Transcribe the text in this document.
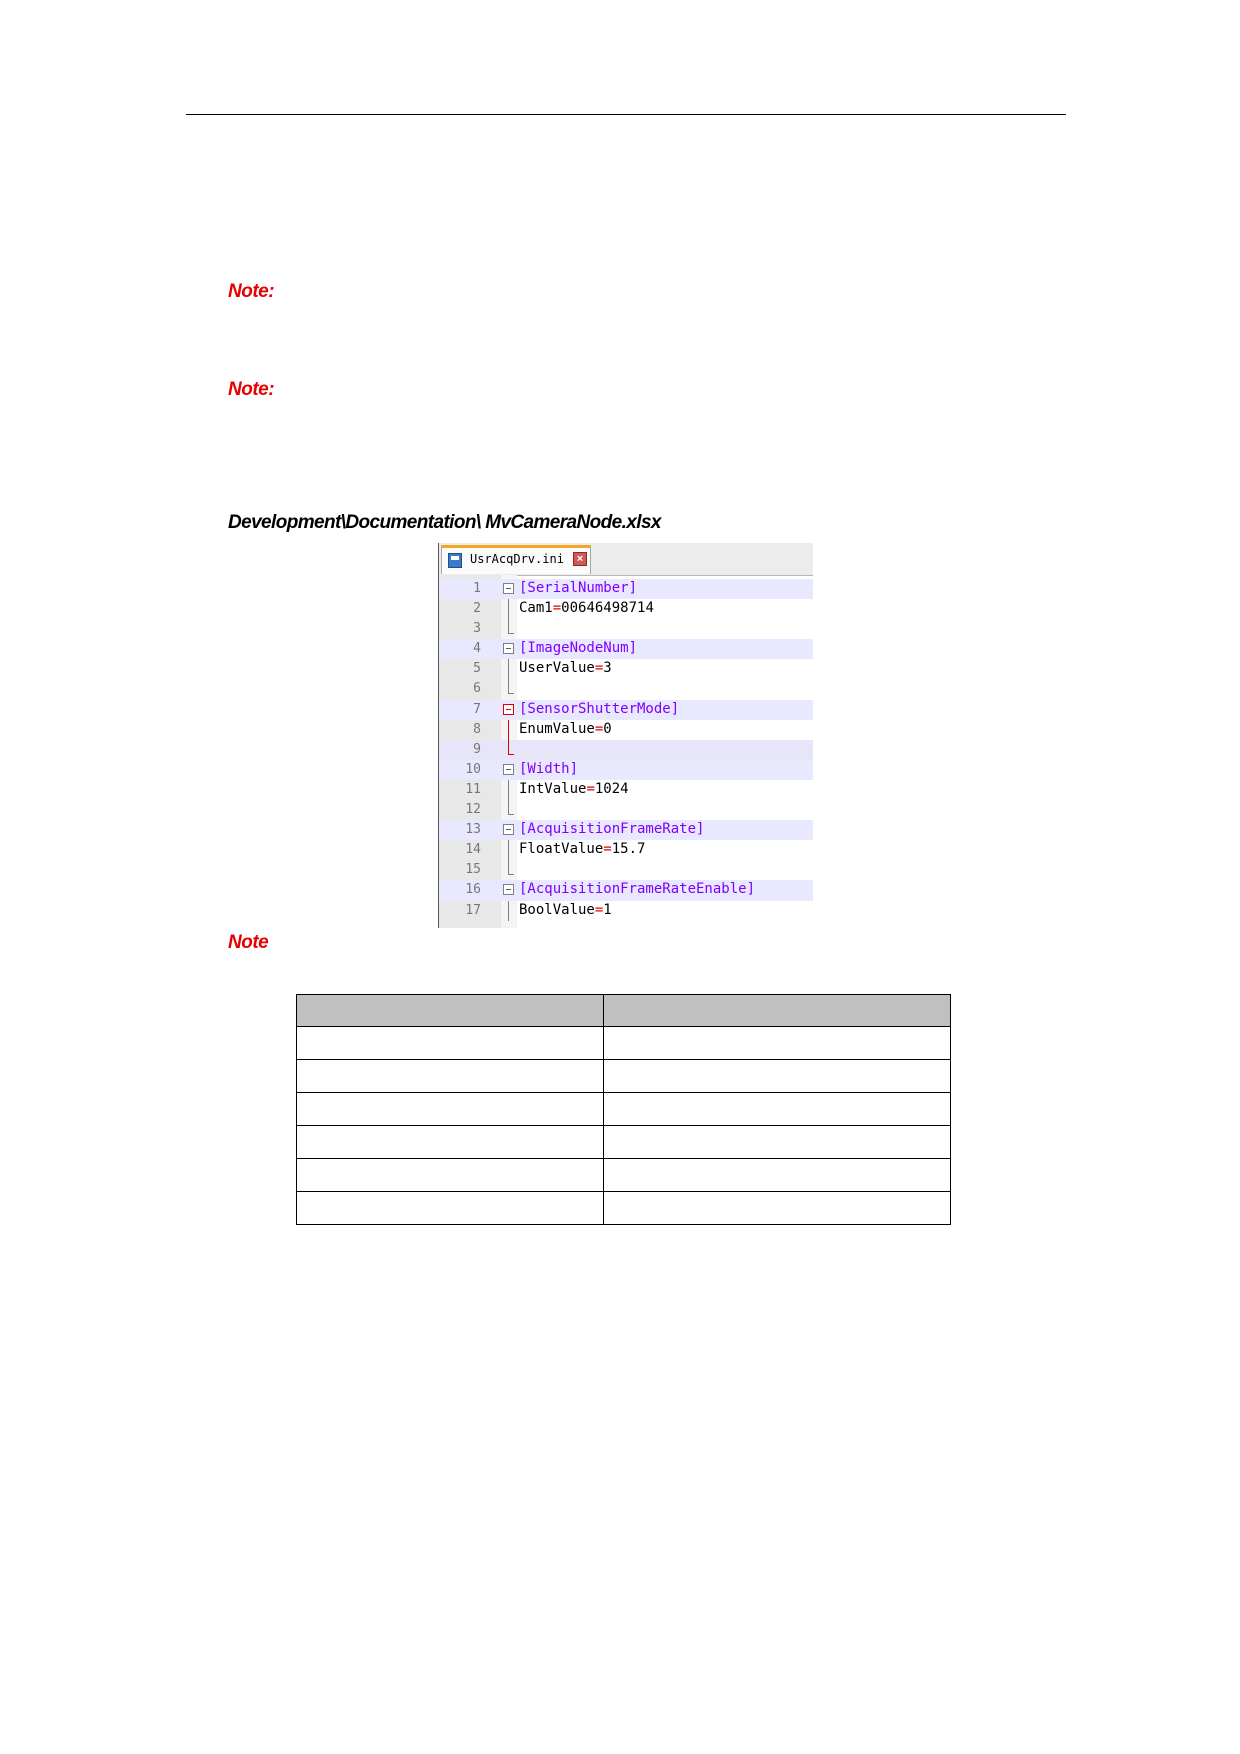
Note:
Note:
Development\Documentation\ MvCameraNode.xlsx
UsrAcqDrv.ini	×
1	[SerialNumber]
2	Cam1=00646498714
3
4	[ImageNodeNum]
5	UserValue=3
6
7	[SensorShutterMode]
8	EnumValue=0
9
10	[Width]
11	IntValue=1024
12
13	[AcquisitionFrameRate]
14	FloatValue=15.7
15
16	[AcquisitionFrameRateEnable]
17	BoolValue=1
Note
